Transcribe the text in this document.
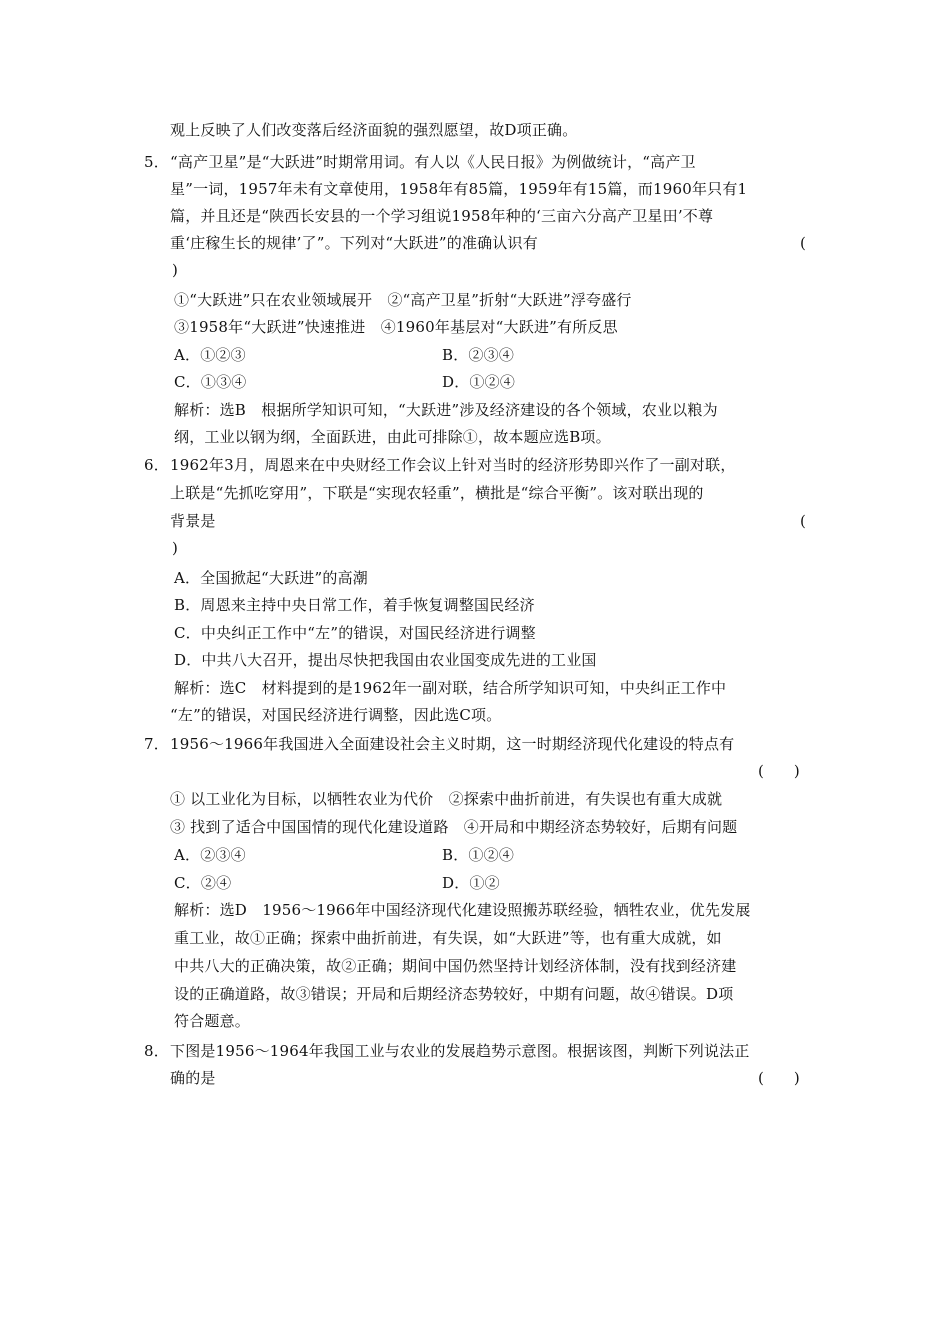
观上反映了人们改变落后经济面貌的强烈愿望，故D项正确。
5． “高产卫星”是“大跃进”时期常用词。有人以《人民日报》为例做统计，“高产卫
星”一词，1957年未有文章使用，1958年有85篇，1959年有15篇，而1960年只有1
篇，并且还是“陕西长安县的一个学习组说1958年种的‘三亩六分高产卫星田’不尊
重‘庄稼生长的规律’了”。下列对“大跃进”的准确认识有	(
)
①“大跃进”只在农业领域展开　②“高产卫星”折射“大跃进”浮夸盛行
③1958年“大跃进”快速推进　④1960年基层对“大跃进”有所反思
A．①②③	B．②③④
C．①③④	D．①②④
解析：选B　根据所学知识可知，“大跃进”涉及经济建设的各个领域，农业以粮为
纲，工业以钢为纲，全面跃进，由此可排除①，故本题应选B项。
6． 1962年3月，周恩来在中央财经工作会议上针对当时的经济形势即兴作了一副对联，
上联是“先抓吃穿用”，下联是“实现农轻重”，横批是“综合平衡”。该对联出现的
背景是	(
)
A．全国掀起“大跃进”的高潮
B．周恩来主持中央日常工作，着手恢复调整国民经济
C．中央纠正工作中“左”的错误，对国民经济进行调整
D．中共八大召开，提出尽快把我国由农业国变成先进的工业国
解析：选C　材料提到的是1962年一副对联，结合所学知识可知，中央纠正工作中
“左”的错误，对国民经济进行调整，因此选C项。
7． 1956～1966年我国进入全面建设社会主义时期，这一时期经济现代化建设的特点有
(　　)
① 以工业化为目标，以牺牲农业为代价　②探索中曲折前进，有失误也有重大成就
③ 找到了适合中国国情的现代化建设道路　④开局和中期经济态势较好，后期有问题
A．②③④	B．①②④
C．②④	D．①②
解析：选D　1956～1966年中国经济现代化建设照搬苏联经验，牺牲农业，优先发展
重工业，故①正确；探索中曲折前进，有失误，如“大跃进”等，也有重大成就，如
中共八大的正确决策，故②正确；期间中国仍然坚持计划经济体制，没有找到经济建
设的正确道路，故③错误；开局和后期经济态势较好，中期有问题，故④错误。D项
符合题意。
8． 下图是1956～1964年我国工业与农业的发展趋势示意图。根据该图，判断下列说法正
确的是	(　　)
